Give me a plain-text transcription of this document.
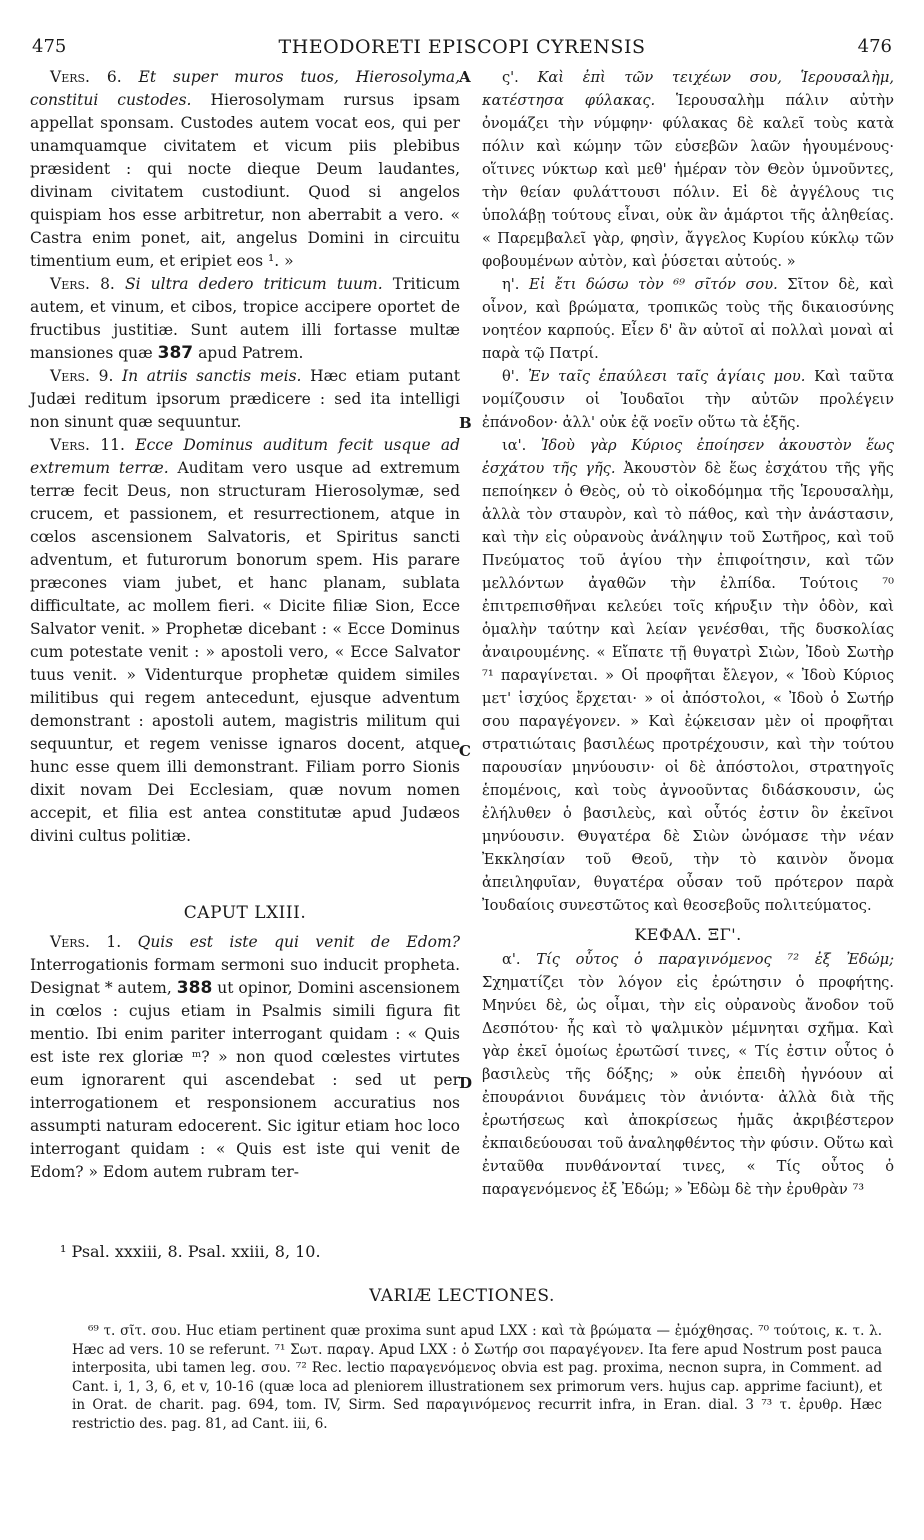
475	THEODORETI EPISCOPI CYRENSIS	476

Vers. 6. Et super muros tuos, Hierosolyma, constitui custodes. Hierosolymam rursus ipsam appellat sponsam. Custodes autem vocat eos, qui per unamquamque civitatem et vicum piis plebibus præsident : qui nocte dieque Deum laudantes, divinam civitatem custodiunt. Quod si angelos quispiam hos esse arbitretur, non aberrabit a vero. « Castra enim ponet, ait, angelus Domini in circuitu timentium eum, et eripiet eos ¹. »

Vers. 8. Si ultra dedero triticum tuum. Triticum autem, et vinum, et cibos, tropice accipere oportet de fructibus justitiæ. Sunt autem illi fortasse multæ mansiones quæ 387 apud Patrem.

Vers. 9. In atriis sanctis meis. Hæc etiam putant Judæi reditum ipsorum prædicere : sed ita intelligi non sinunt quæ sequuntur.

Vers. 11. Ecce Dominus auditum fecit usque ad extremum terræ. Auditam vero usque ad extremum terræ fecit Deus, non structuram Hierosolymæ, sed crucem, et passionem, et resurrectionem, atque in cœlos ascensionem Salvatoris, et Spiritus sancti adventum, et futurorum bonorum spem. His parare præcones viam jubet, et hanc planam, sublata difficultate, ac mollem fieri. « Dicite filiæ Sion, Ecce Salvator venit. » Prophetæ dicebant : « Ecce Dominus cum potestate venit : » apostoli vero, « Ecce Salvator tuus venit. » Videnturque prophetæ quidem similes militibus qui regem antecedunt, ejusque adventum demonstrant : apostoli autem, magistris militum qui sequuntur, et regem venisse ignaros docent, atque hunc esse quem illi demonstrant. Filiam porro Sionis dixit novam Dei Ecclesiam, quæ novum nomen accepit, et filia est antea constitutæ apud Judæos divini cultus politiæ.

CAPUT LXIII.

Vers. 1. Quis est iste qui venit de Edom? Interrogationis formam sermoni suo inducit propheta. Designat * autem, 388 ut opinor, Domini ascensionem in cœlos : cujus etiam in Psalmis simili figura fit mentio. Ibi enim pariter interrogant quidam : « Quis est iste rex gloriæ ᵐ? » non quod cœlestes virtutes eum ignorarent qui ascendebat : sed ut per interrogationem et responsionem accuratius nos assumpti naturam edocerent. Sic igitur etiam hoc loco interrogant quidam : « Quis est iste qui venit de Edom? » Edom autem rubram ter-

A
B
C
D

ς'. Καὶ ἐπὶ τῶν τειχέων σου, Ἱερουσαλὴμ, κατέστησα φύλακας. Ἱερουσαλὴμ πάλιν αὐτὴν ὀνομάζει τὴν νύμφην· φύλακας δὲ καλεῖ τοὺς κατὰ πόλιν καὶ κώμην τῶν εὐσεβῶν λαῶν ἡγουμένους· οἵτινες νύκτωρ καὶ μεθ' ἡμέραν τὸν Θεὸν ὑμνοῦντες, τὴν θείαν φυλάττουσι πόλιν. Εἰ δὲ ἀγγέλους τις ὑπολάβῃ τούτους εἶναι, οὐκ ἂν ἁμάρτοι τῆς ἀληθείας. « Παρεμβαλεῖ γὰρ, φησὶν, ἄγγελος Κυρίου κύκλῳ τῶν φοβουμένων αὐτὸν, καὶ ῥύσεται αὐτούς. »

η'. Εἰ ἔτι δώσω τὸν ⁶⁹ σῖτόν σου. Σῖτον δὲ, καὶ οἶνον, καὶ βρώματα, τροπικῶς τοὺς τῆς δικαιοσύνης νοητέον καρπούς. Εἶεν δ' ἂν αὐτοῖ αἱ πολλαὶ μοναὶ αἱ παρὰ τῷ Πατρί.

θ'. Ἐν ταῖς ἐπαύλεσι ταῖς ἁγίαις μου. Καὶ ταῦτα νομίζουσιν οἱ Ἰουδαῖοι τὴν αὐτῶν προλέγειν ἐπάνοδον· ἀλλ' οὐκ ἐᾷ νοεῖν οὕτω τὰ ἑξῆς.

ια'. Ἰδοὺ γὰρ Κύριος ἐποίησεν ἀκουστὸν ἕως ἐσχάτου τῆς γῆς. Ἀκουστὸν δὲ ἕως ἐσχάτου τῆς γῆς πεποίηκεν ὁ Θεὸς, οὐ τὸ οἰκοδόμημα τῆς Ἱερουσαλὴμ, ἀλλὰ τὸν σταυρὸν, καὶ τὸ πάθος, καὶ τὴν ἀνάστασιν, καὶ τὴν εἰς οὐρανοὺς ἀνάληψιν τοῦ Σωτῆρος, καὶ τοῦ Πνεύματος τοῦ ἁγίου τὴν ἐπιφοίτησιν, καὶ τῶν μελλόντων ἀγαθῶν τὴν ἐλπίδα. Τούτοις ⁷⁰ ἐπιτρεπισθῆναι κελεύει τοῖς κήρυξιν τὴν ὁδὸν, καὶ ὁμαλὴν ταύτην καὶ λείαν γενέσθαι, τῆς δυσκολίας ἀναιρουμένης. « Εἴπατε τῇ θυγατρὶ Σιὼν, Ἰδοὺ Σωτὴρ ⁷¹ παραγίνεται. » Οἱ προφῆται ἔλεγον, « Ἰδοὺ Κύριος μετ' ἰσχύος ἔρχεται· » οἱ ἀπόστολοι, « Ἰδοὺ ὁ Σωτήρ σου παραγέγονεν. » Καὶ ἐῴκεισαν μὲν οἱ προφῆται στρατιώταις βασιλέως προτρέχουσιν, καὶ τὴν τούτου παρουσίαν μηνύουσιν· οἱ δὲ ἀπόστολοι, στρατηγοῖς ἑπομένοις, καὶ τοὺς ἀγνοοῦντας διδάσκουσιν, ὡς ἐλήλυθεν ὁ βασιλεὺς, καὶ οὗτός ἐστιν ὃν ἐκεῖνοι μηνύουσιν. Θυγατέρα δὲ Σιὼν ὠνόμασε τὴν νέαν Ἐκκλησίαν τοῦ Θεοῦ, τὴν τὸ καινὸν ὄνομα ἀπειληφυῖαν, θυγατέρα οὖσαν τοῦ πρότερον παρὰ Ἰουδαίοις συνεστῶτος καὶ θεοσεβοῦς πολιτεύματος.

ΚΕΦΑΛ. ΞΓ'.

α'. Τίς οὗτος ὁ παραγινόμενος ⁷² ἐξ Ἐδώμ; Σχηματίζει τὸν λόγον εἰς ἐρώτησιν ὁ προφήτης. Μηνύει δὲ, ὡς οἶμαι, τὴν εἰς οὐρανοὺς ἄνοδον τοῦ Δεσπότου· ἧς καὶ τὸ ψαλμικὸν μέμνηται σχῆμα. Καὶ γὰρ ἐκεῖ ὁμοίως ἐρωτῶσί τινες, « Τίς ἐστιν οὗτος ὁ βασιλεὺς τῆς δόξης; » οὐκ ἐπειδὴ ἠγνόουν αἱ ἐπουράνιοι δυνάμεις τὸν ἀνιόντα· ἀλλὰ διὰ τῆς ἐρωτήσεως καὶ ἀποκρίσεως ἡμᾶς ἀκριβέστερον ἐκπαιδεύουσαι τοῦ ἀναληφθέντος τὴν φύσιν. Οὕτω καὶ ἐνταῦθα πυνθάνονταί τινες, « Τίς οὗτος ὁ παραγενόμενος ἐξ Ἐδώμ; » Ἐδὼμ δὲ τὴν ἐρυθρὰν ⁷³

¹ Psal. xxxiii, 8. Psal. xxiii, 8, 10.
VARIÆ LECTIONES.

⁶⁹ τ. σῖτ. σου. Huc etiam pertinent quæ proxima sunt apud LXX : καὶ τὰ βρώματα — ἐμόχθησας. ⁷⁰ τούτοις, κ. τ. λ. Hæc ad vers. 10 se referunt. ⁷¹ Σωτ. παραγ. Apud LXX : ὁ Σωτήρ σοι παραγέγονεν. Ita fere apud Nostrum post pauca interposita, ubi tamen leg. σου. ⁷² Rec. lectio παραγενόμενος obvia est pag. proxima, necnon supra, in Comment. ad Cant. i, 1, 3, 6, et v, 10-16 (quæ loca ad pleniorem illustrationem sex primorum vers. hujus cap. apprime faciunt), et in Orat. de charit. pag. 694, tom. IV, Sirm. Sed παραγινόμενος recurrit infra, in Eran. dial. 3 ⁷³ τ. ἐρυθρ. Hæc restrictio des. pag. 81, ad Cant. iii, 6.
